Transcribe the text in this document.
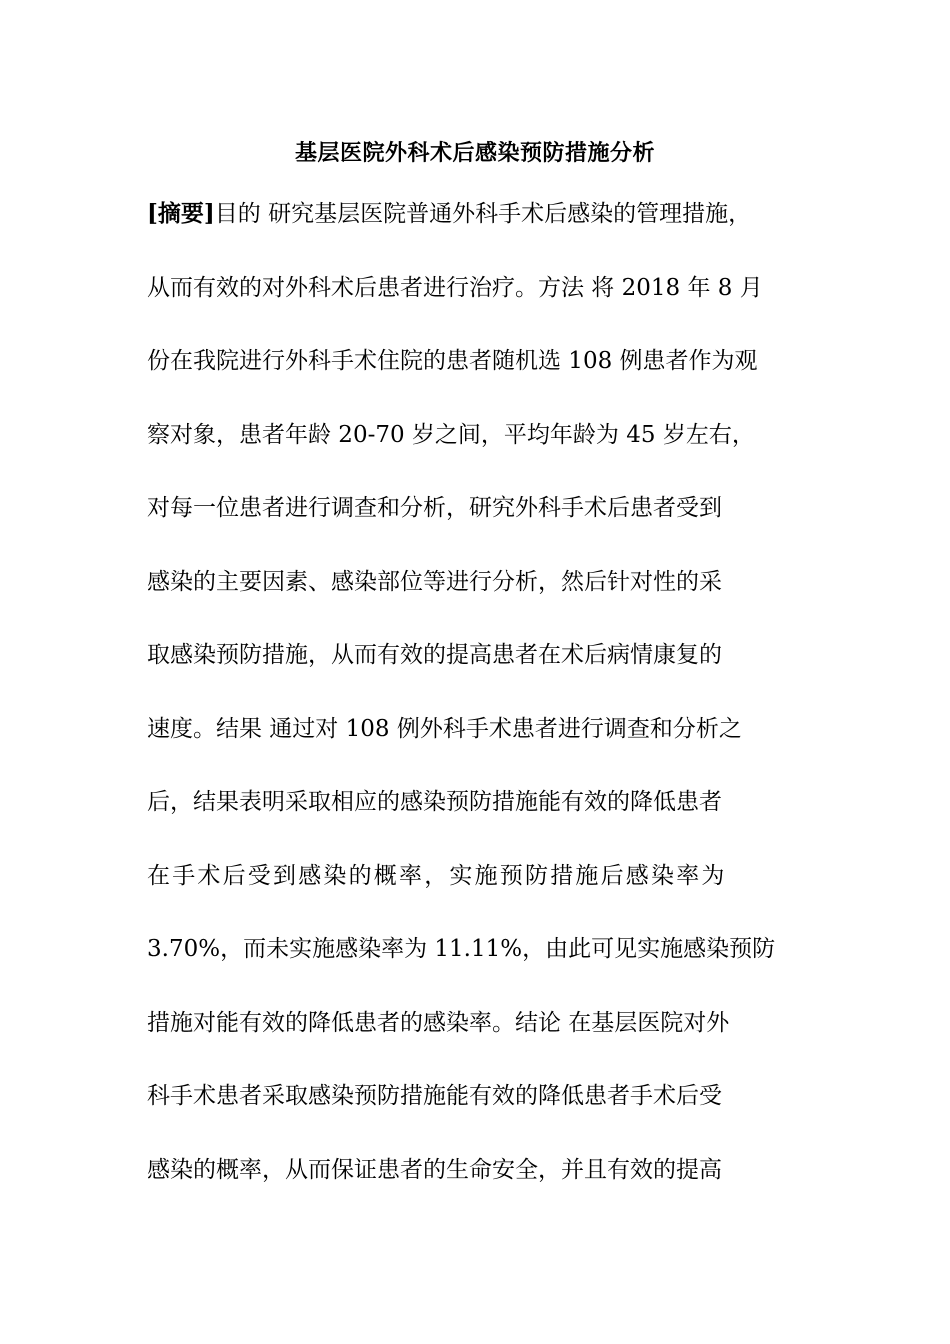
基层医院外科术后感染预防措施分析
[摘要]目的 研究基层医院普通外科手术后感染的管理措施，
从而有效的对外科术后患者进行治疗。方法 将 2018 年 8 月
份在我院进行外科手术住院的患者随机选 108 例患者作为观
察对象，患者年龄 20-70 岁之间，平均年龄为 45 岁左右，
对每一位患者进行调查和分析，研究外科手术后患者受到
感染的主要因素、感染部位等进行分析，然后针对性的采
取感染预防措施，从而有效的提高患者在术后病情康复的
速度。结果 通过对 108 例外科手术患者进行调查和分析之
后，结果表明采取相应的感染预防措施能有效的降低患者
在手术后受到感染的概率，实施预防措施后感染率为
3.70%，而未实施感染率为 11.11%，由此可见实施感染预防
措施对能有效的降低患者的感染率。结论 在基层医院对外
科手术患者采取感染预防措施能有效的降低患者手术后受
感染的概率，从而保证患者的生命安全，并且有效的提高
